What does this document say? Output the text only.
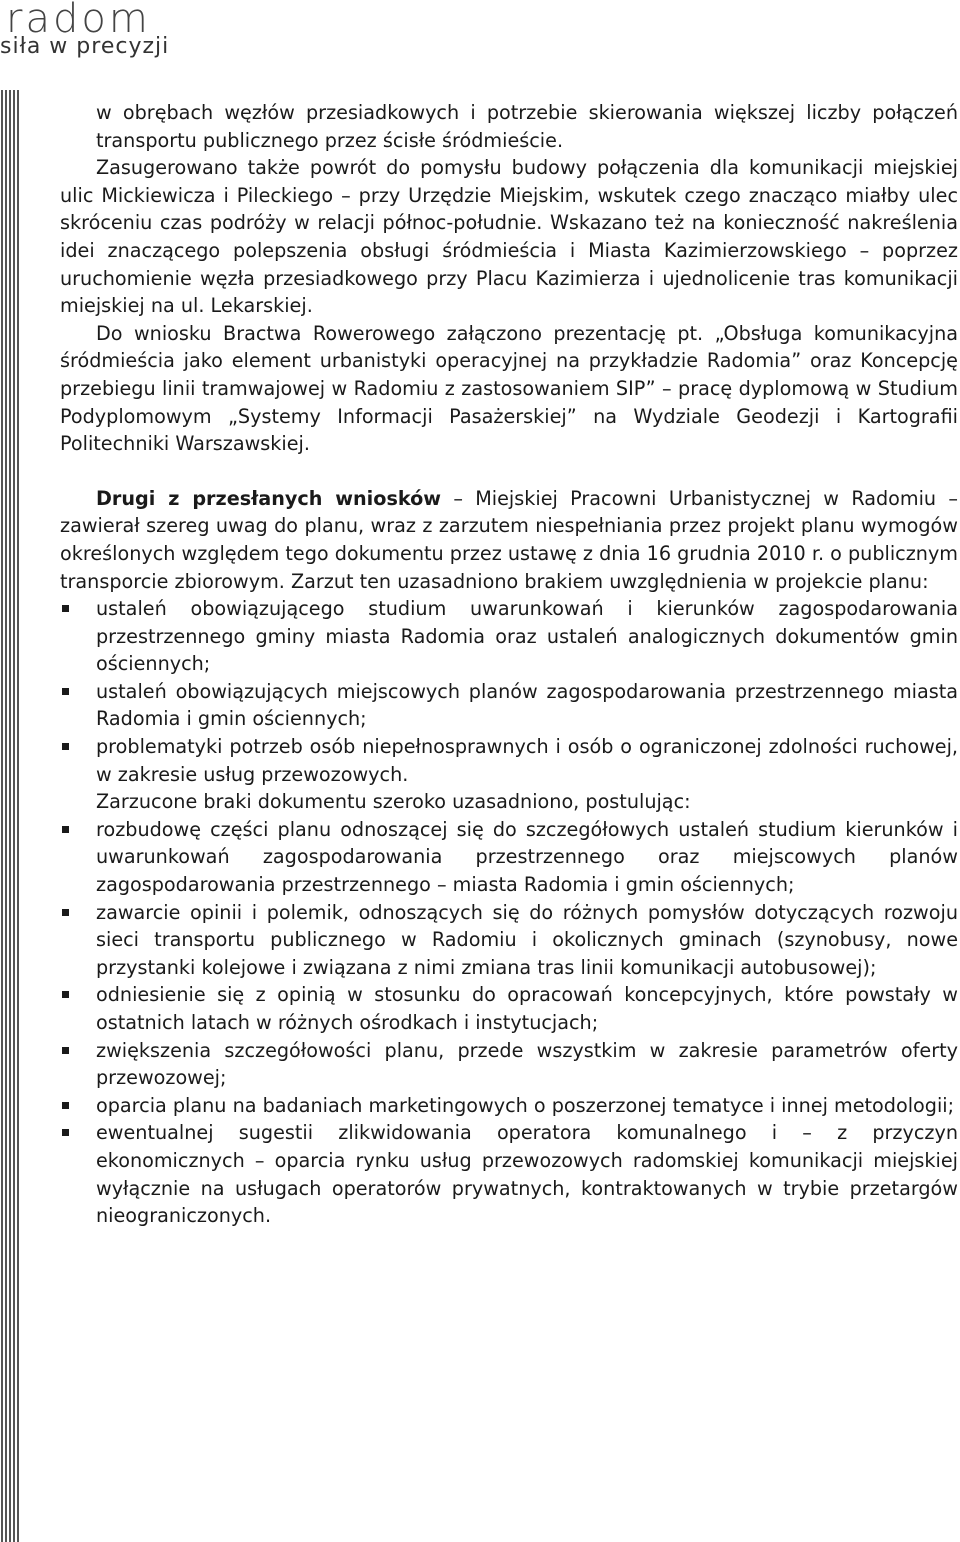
radom
siła w precyzji

w obrębach węzłów przesiadkowych i potrzebie skierowania większej liczby połączeń transportu publicznego przez ścisłe śródmieście.

Zasugerowano także powrót do pomysłu budowy połączenia dla komunikacji miejskiej ulic Mickiewicza i Pileckiego – przy Urzędzie Miejskim, wskutek czego znacząco miałby ulec skróceniu czas podróży w relacji północ-południe. Wskazano też na konieczność nakreślenia idei znaczącego polepszenia obsługi śródmieścia i Miasta Kazimierzowskiego – poprzez uruchomienie węzła przesiadkowego przy Placu Kazimierza i ujednolicenie tras komunikacji miejskiej na ul. Lekarskiej.

Do wniosku Bractwa Rowerowego załączono prezentację pt. „Obsługa komunikacyjna śródmieścia jako element urbanistyki operacyjnej na przykładzie Radomia” oraz Koncepcję przebiegu linii tramwajowej w Radomiu z zastosowaniem SIP” – pracę dyplomową w Studium Podyplomowym „Systemy Informacji Pasażerskiej” na Wydziale Geodezji i Kartografii Politechniki Warszawskiej.

Drugi z przesłanych wniosków – Miejskiej Pracowni Urbanistycznej w Radomiu – zawierał szereg uwag do planu, wraz z zarzutem niespełniania przez projekt planu wymogów określonych względem tego dokumentu przez ustawę z dnia 16 grudnia 2010 r. o publicznym transporcie zbiorowym. Zarzut ten uzasadniono brakiem uwzględnienia w projekcie planu:

ustaleń obowiązującego studium uwarunkowań i kierunków zagospodarowania przestrzennego gminy miasta Radomia oraz ustaleń analogicznych dokumentów gmin ościennych;
ustaleń obowiązujących miejscowych planów zagospodarowania przestrzennego miasta Radomia i gmin ościennych;
problematyki potrzeb osób niepełnosprawnych i osób o ograniczonej zdolności ruchowej, w zakresie usług przewozowych.

Zarzucone braki dokumentu szeroko uzasadniono, postulując:

rozbudowę części planu odnoszącej się do szczegółowych ustaleń studium kierunków i uwarunkowań zagospodarowania przestrzennego oraz miejscowych planów zagospodarowania przestrzennego – miasta Radomia i gmin ościennych;
zawarcie opinii i polemik, odnoszących się do różnych pomysłów dotyczących rozwoju sieci transportu publicznego w Radomiu i okolicznych gminach (szynobusy, nowe przystanki kolejowe i związana z nimi zmiana tras linii komunikacji autobusowej);
odniesienie się z opinią w stosunku do opracowań koncepcyjnych, które powstały w ostatnich latach w różnych ośrodkach i instytucjach;
zwiększenia szczegółowości planu, przede wszystkim w zakresie parametrów oferty przewozowej;
oparcia planu na badaniach marketingowych o poszerzonej tematyce i innej metodologii;
ewentualnej sugestii zlikwidowania operatora komunalnego i – z przyczyn ekonomicznych – oparcia rynku usług przewozowych radomskiej komunikacji miejskiej wyłącznie na usługach operatorów prywatnych, kontraktowanych w trybie przetargów nieograniczonych.
